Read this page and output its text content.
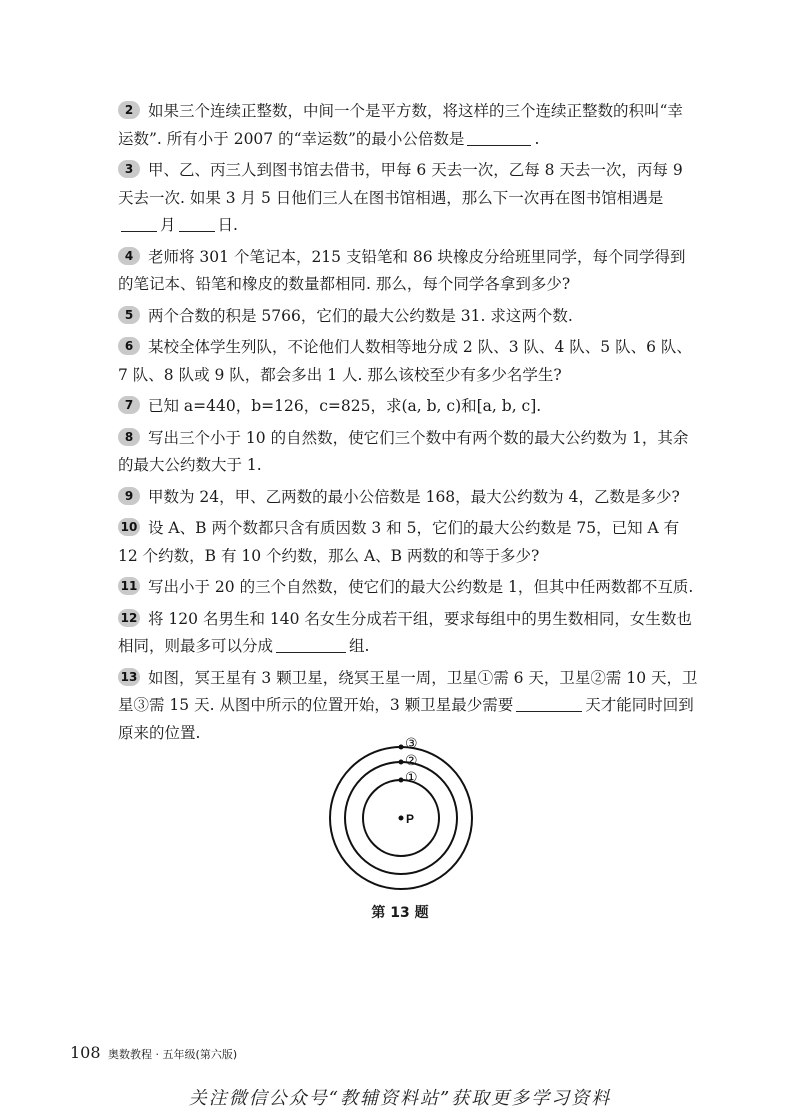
2 如果三个连续正整数，中间一个是平方数，将这样的三个连续正整数的积叫“幸运数”. 所有小于 2007 的“幸运数”的最小公倍数是	.

3 甲、乙、丙三人到图书馆去借书，甲每 6 天去一次，乙每 8 天去一次，丙每 9 天去一次. 如果 3 月 5 日他们三人在图书馆相遇，那么下一次再在图书馆相遇是月	日.

4 老师将 301 个笔记本，215 支铅笔和 86 块橡皮分给班里同学，每个同学得到的笔记本、铅笔和橡皮的数量都相同. 那么，每个同学各拿到多少?

5 两个合数的积是 5766，它们的最大公约数是 31. 求这两个数.

6 某校全体学生列队，不论他们人数相等地分成 2 队、3 队、4 队、5 队、6 队、7 队、8 队或 9 队，都会多出 1 人. 那么该校至少有多少名学生?

7 已知 a=440，b=126，c=825，求(a, b, c)和[a, b, c].

8 写出三个小于 10 的自然数，使它们三个数中有两个数的最大公约数为 1，其余的最大公约数大于 1.

9 甲数为 24，甲、乙两数的最小公倍数是 168，最大公约数为 4，乙数是多少?

10 设 A、B 两个数都只含有质因数 3 和 5，它们的最大公约数是 75，已知 A 有 12 个约数，B 有 10 个约数，那么 A、B 两数的和等于多少?

11 写出小于 20 的三个自然数，使它们的最大公约数是 1，但其中任两数都不互质.

12 将 120 名男生和 140 名女生分成若干组，要求每组中的男生数相同，女生数也相同，则最多可以分成	组.

13 如图，冥王星有 3 颗卫星，绕冥王星一周，卫星①需 6 天，卫星②需 10 天，卫星③需 15 天. 从图中所示的位置开始，3 颗卫星最少需要	天才能同时回到原来的位置.

P
①
②
③
第 13 题
108 奥数教程 · 五年级(第六版)
关注微信公众号“教辅资料站”获取更多学习资料
